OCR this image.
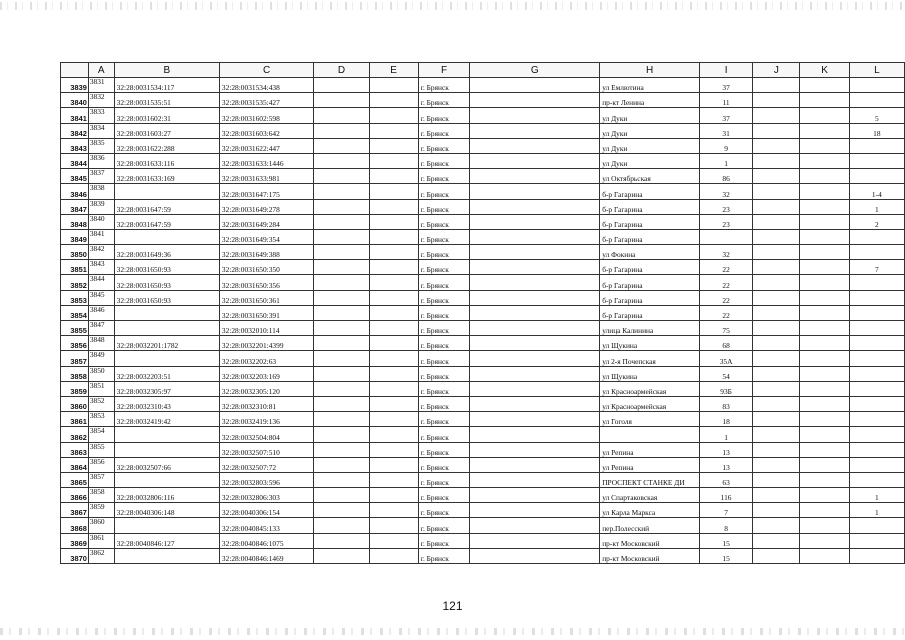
	A	B	C	D	E	F	G	H	I	J	K	L
3839	3831	32:28:0031534:117	32:28:0031534:438			г. Брянск		ул Емлютина	37			
3840	3832	32:28:0031535:51	32:28:0031535:427			г. Брянск		пр-кт Ленина	11			
3841	3833	32:28:0031602:31	32:28:0031602:598			г. Брянск		ул Дуки	37			5
3842	3834	32:28:0031603:27	32:28:0031603:642			г. Брянск		ул Дуки	31			18
3843	3835	32:28:0031622:288	32:28:0031622:447			г. Брянск		ул Дуки	9			
3844	3836	32:28:0031633:116	32:28:0031633:1446			г. Брянск		ул Дуки	1			
3845	3837	32:28:0031633:169	32:28:0031633:981			г. Брянск		ул Октябрьская	86			
3846	3838		32:28:0031647:175			г. Брянск		б-р Гагарина	32			1-4
3847	3839	32:28:0031647:59	32:28:0031649:278			г. Брянск		б-р Гагарина	23			1
3848	3840	32:28:0031647:59	32:28:0031649:284			г. Брянск		б-р Гагарина	23			2
3849	3841		32:28:0031649:354			г. Брянск		б-р Гагарина				
3850	3842	32:28:0031649:36	32:28:0031649:388			г. Брянск		ул Фокина	32			
3851	3843	32:28:0031650:93	32:28:0031650:350			г. Брянск		б-р Гагарина	22			7
3852	3844	32:28:0031650:93	32:28:0031650:356			г. Брянск		б-р Гагарина	22			
3853	3845	32:28:0031650:93	32:28:0031650:361			г. Брянск		б-р Гагарина	22			
3854	3846		32:28:0031650:391			г. Брянск		б-р Гагарина	22			
3855	3847		32:28:0032010:114			г. Брянск		улица Калинина	75			
3856	3848	32:28:0032201:1782	32:28:0032201:4399			г. Брянск		ул Щукина	68			
3857	3849		32:28:0032202:63			г. Брянск		ул 2-я Почепская	35А			
3858	3850	32:28:0032203:51	32:28:0032203:169			г. Брянск		ул Щукина	54			
3859	3851	32:28:0032305:97	32:28:0032305:120			г. Брянск		ул Красноармейская	93Б			
3860	3852	32:28:0032310:43	32:28:0032310:81			г. Брянск		ул Красноармейская	83			
3861	3853	32:28:0032419:42	32:28:0032419:136			г. Брянск		ул Гоголя	18			
3862	3854		32:28:0032504:804			г. Брянск			1			
3863	3855		32:28:0032507:510			г. Брянск		ул Репина	13			
3864	3856	32:28:0032507:66	32:28:0032507:72			г. Брянск		ул Репина	13			
3865	3857		32:28:0032803:596			г. Брянск		ПРОСПЕКТ СТАНКЕ ДИ	63			
3866	3858	32:28:0032806:116	32:28:0032806:303			г. Брянск		ул Спартаковская	116			1
3867	3859	32:28:0040306:148	32:28:0040306:154			г. Брянск		ул Карла Маркса	7			1
3868	3860		32:28:0040845:133			г. Брянск		пер.Полесский	8			
3869	3861	32:28:0040846:127	32:28:0040846:1075			г. Брянск		пр-кт Московский	15			
3870	3862		32:28:0040846:1469			г. Брянск		пр-кт Московский	15			
121
